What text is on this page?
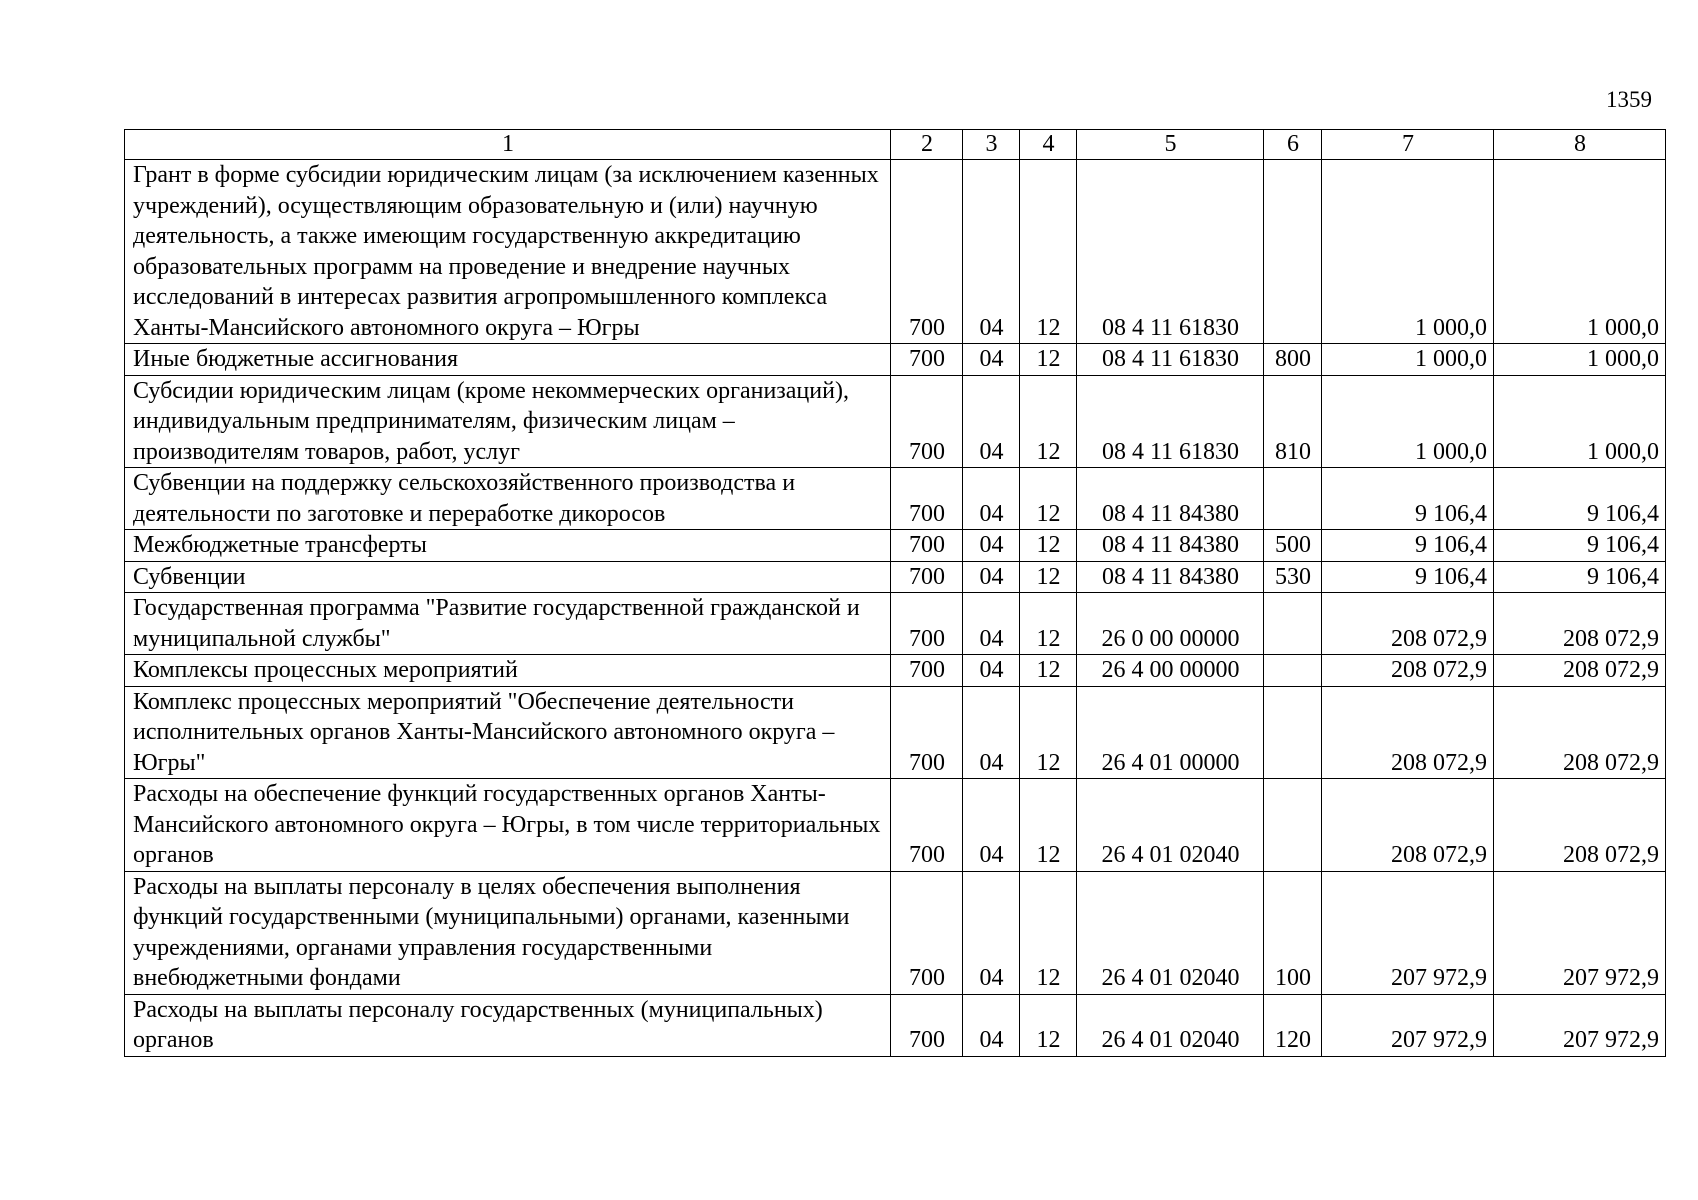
1359
1	2	3	4	5	6	7	8
Грант в форме субсидии юридическим лицам (за исключением казенных учреждений), осуществляющим образовательную и (или) научную деятельность, а также имеющим государственную аккредитацию образовательных программ на проведение и внедрение научных исследований в интересах развития агропромышленного комплекса Ханты-Мансийского автономного округа – Югры	700	04	12	08 4 11 61830		1 000,0	1 000,0
Иные бюджетные ассигнования	700	04	12	08 4 11 61830	800	1 000,0	1 000,0
Субсидии юридическим лицам (кроме некоммерческих организаций), индивидуальным предпринимателям, физическим лицам – производителям товаров, работ, услуг	700	04	12	08 4 11 61830	810	1 000,0	1 000,0
Субвенции на поддержку сельскохозяйственного производства и деятельности по заготовке и переработке дикоросов	700	04	12	08 4 11 84380		9 106,4	9 106,4
Межбюджетные трансферты	700	04	12	08 4 11 84380	500	9 106,4	9 106,4
Субвенции	700	04	12	08 4 11 84380	530	9 106,4	9 106,4
Государственная программа "Развитие государственной гражданской и муниципальной службы"	700	04	12	26 0 00 00000		208 072,9	208 072,9
Комплексы процессных мероприятий	700	04	12	26 4 00 00000		208 072,9	208 072,9
Комплекс процессных мероприятий "Обеспечение деятельности исполнительных органов Ханты-Мансийского автономного округа – Югры"	700	04	12	26 4 01 00000		208 072,9	208 072,9
Расходы на обеспечение функций государственных органов Ханты-Мансийского автономного округа – Югры, в том числе территориальных органов	700	04	12	26 4 01 02040		208 072,9	208 072,9
Расходы на выплаты персоналу в целях обеспечения выполнения функций государственными (муниципальными) органами, казенными учреждениями, органами управления государственными внебюджетными фондами	700	04	12	26 4 01 02040	100	207 972,9	207 972,9
Расходы на выплаты персоналу государственных (муниципальных) органов	700	04	12	26 4 01 02040	120	207 972,9	207 972,9
